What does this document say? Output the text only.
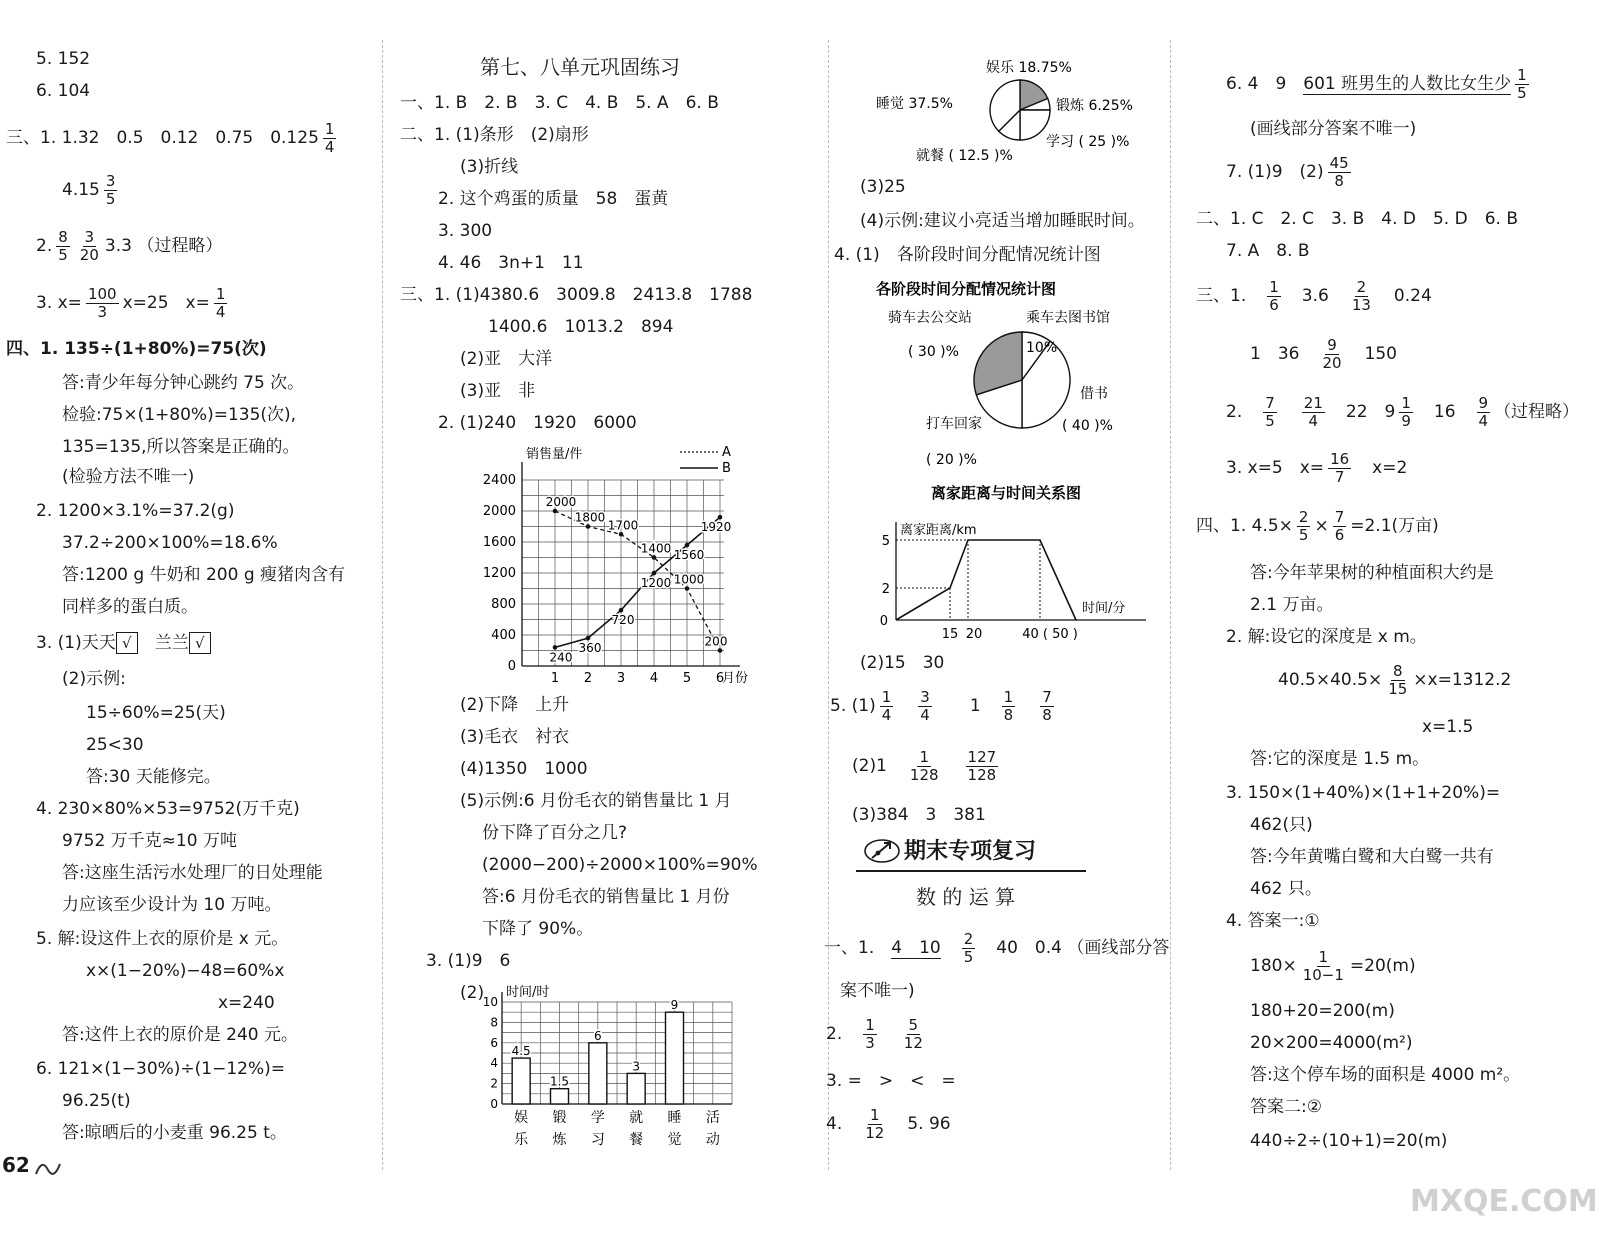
5. 152
6. 104
三、1. 1.32　0.5　0.12　0.75　$0.125 \frac{1}{4}$
$4.15 \frac{3}{5}$
2. $\frac{8}{5} \frac{3}{20} 3.3$ （过程略）
3. $x= \frac{100}{3} x=25$　$x= \frac{1}{4}$
四、1. 135÷(1+80%)=75(次)
答:青少年每分钟心跳约 75 次。
检验:75×(1+80%)=135(次),
135=135,所以答案是正确的。
(检验方法不唯一)
2. 1200×3.1%=37.2(g)
37.2÷200×100%=18.6%
答:1200 g 牛奶和 200 g 瘦猪肉含有
同样多的蛋白质。
3. (1)天天 √　 兰兰 √
(2)示例:
15÷60%=25(天)
25<30
答:30 天能修完。
4. 230×80%×53=9752(万千克)
9752 万千克≈10 万吨
答:这座生活污水处理厂的日处理能
力应该至少设计为 10 万吨。
5. 解:设这件上衣的原价是 x 元。
x×(1−20%)−48=60%x
x=240
答:这件上衣的原价是 240 元。
6. 121×(1−30%)÷(1−12%)=
96.25(t)
答:晾晒后的小麦重 96.25 t。
62
第七、八单元巩固练习
一、1. B　2. B　3. C　4. B　5. A　6. B
二、1. (1)条形　(2)扇形
(3)折线
2. 这个鸡蛋的质量　58　蛋黄
3. 300
4. 46　3n+1　11
三、1. (1)4380.6　3009.8　2413.8　1788
1400.6　1013.2　894
(2)亚　大洋
(3)亚　非
2. (1)240　1920　6000
销售量/件
月份
0
400
800
1200
1600
2000
2400
1 2 3 4 5 6
A
B
2000
1800
1700
1400
1000
200
240
360
720
1200
1560
1920
(2)下降　上升
(3)毛衣　衬衣
(4)1350　1000
(5)示例:6 月份毛衣的销售量比 1 月
份下降了百分之几?
(2000−200)÷2000×100%=90%
答:6 月份毛衣的销售量比 1 月份
下降了 90%。
3. (1)9　6
(2) 时间/时
0
2
4
6
8
10
4.5
娱
乐
1.5
锻
炼
6
学
习
3
就
餐
9
睡
觉
活
动
娱乐 18.75%
锻炼 6.25%
学习 ( 25 )%
就餐 ( 12.5 )%
睡觉 37.5%
(3)25
(4)示例:建议小亮适当增加睡眠时间。
4. (1)　各阶段时间分配情况统计图
各阶段时间分配情况统计图
乘车去图书馆
10%
借书
( 40 )%
打车回家
( 20 )%
骑车去公交站
( 30 )%
离家距离与时间关系图
离家距离/km
时间/分
5
2
0
15 20	40 ( 50 )
(2)15　30
5. $(1) \frac{1}{4}$
　 $\frac{3}{4}$
　　 1　 $\frac{1}{8}$
　 $\frac{7}{8}$
(2)1　 $\frac{1}{128}$
　 $\frac{127}{128}$
(3)384　3　381
期末专项复习
数 的 运 算
一、1.　 4　 10　 $\frac{2}{5}$
　 40　0.4 （画线部分答
案不唯一)
2.　 $\frac{1}{3}$
　 $\frac{5}{12}$
3. =　>　<　=
4.　 $\frac{1}{12}$
　 5. 96
6. 4　9　 601 班男生的人数比女生少 $\frac{1}{5}$
(画线部分答案不唯一)
7. (1)9　$(2) \frac{45}{8}$
二、1. C　2. C　3. B　4. D　5. D　6. B
7. A　8. B
三、1.　 $\frac{1}{6}$
　 3.6　 $\frac{2}{13}$
　 0.24
1　36　 $\frac{9}{20}$
　 150
2.　 $\frac{7}{5}$
　 $\frac{21}{4}$
　 22　$9 \frac{1}{9}$
　 16　 $\frac{9}{4}$ （过程略）
3. x=5　$x= \frac{16}{7}$
　 x=2
四、1. $4.5\times \frac{2}{5} \times \frac{7}{6} =2.1$(万亩)
答:今年苹果树的种植面积大约是
2.1 万亩。
2. 解:设它的深度是 x m。
$40.5\times 40.5\times \frac{8}{15} \times x=1312.2$
x=1.5
答:它的深度是 1.5 m。
3. 150×(1+40%)×(1+1+20%)=
462(只)
答:今年黄嘴白鹭和大白鹭一共有
462 只。
4. 答案一:①
$180\times \frac{1}{10-1} =20(m)$
180+20=200(m)
20×200=4000(m²)
答:这个停车场的面积是 4000 m²。
答案二:②
440÷2÷(10+1)=20(m)
MXQE.COM
